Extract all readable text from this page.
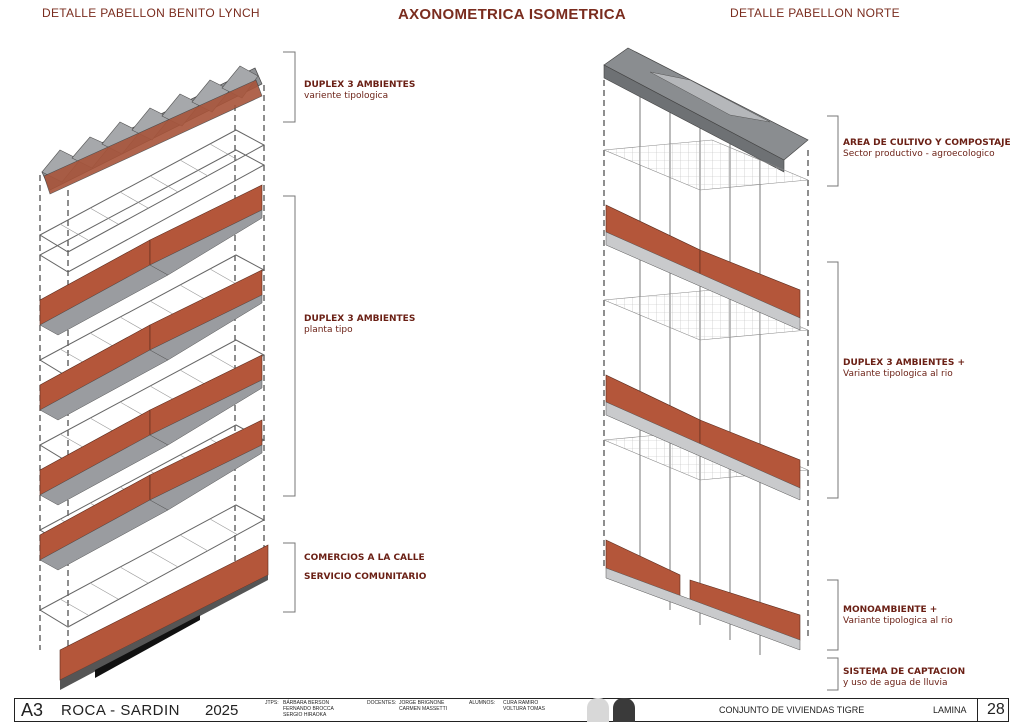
DETALLE PABELLON BENITO LYNCH	AXONOMETRICA ISOMETRICA	DETALLE PABELLON NORTE
DUPLEX 3 AMBIENTES
variente tipologica
DUPLEX 3 AMBIENTES
planta tipo
COMERCIOS A LA CALLE
SERVICIO COMUNITARIO
AREA DE CULTIVO Y COMPOSTAJE
Sector productivo - agroecologico
DUPLEX 3 AMBIENTES +
Variante tipologica al rio
MONOAMBIENTE +
Variante tipologica al rio
SISTEMA DE CAPTACION
y uso de agua de lluvia
A3 ROCA - SARDIN 2025	JTPS: BÁRBARA BERSON
FERNANDO BROCCA
SERGIO HIRAOKA
DOCENTES: JORGE BRIGNONE
CARMEN MASSETTI
ALUMNOS: CURA RAMIRO
VOLTURA TOMAS	CONJUNTO DE VIVIENDAS TIGRE	LAMINA 28
